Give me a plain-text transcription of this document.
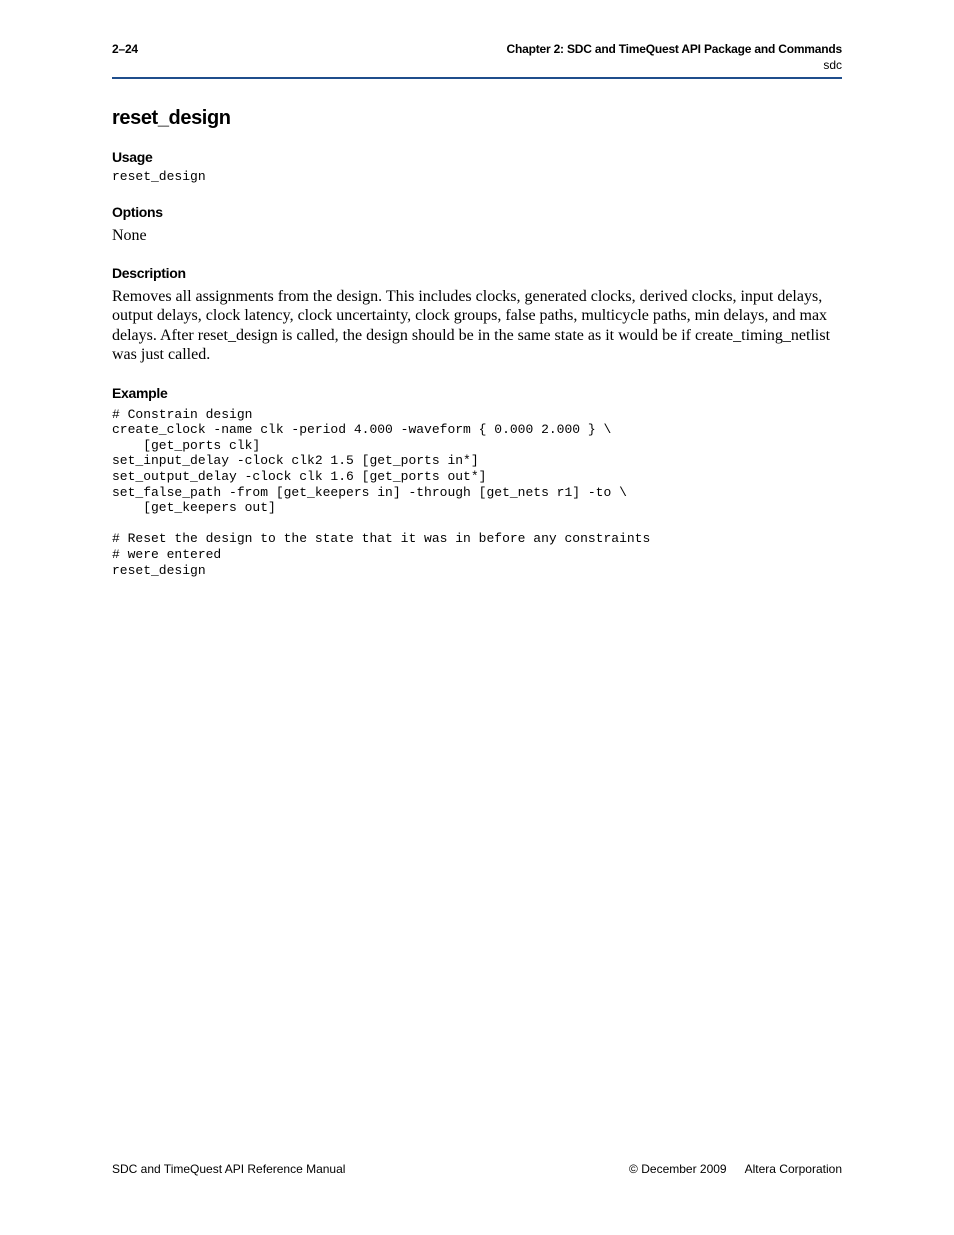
2–24	Chapter 2: SDC and TimeQuest API Package and Commands
sdc
reset_design
Usage
reset_design
Options

None

Description

Removes all assignments from the design. This includes clocks, generated clocks, derived clocks, input delays, output delays, clock latency, clock uncertainty, clock groups, false paths, multicycle paths, min delays, and max delays. After reset_design is called, the design should be in the same state as it would be if create_timing_netlist was just called.

Example
# Constrain design
create_clock -name clk -period 4.000 -waveform { 0.000 2.000 } \
[get_ports clk]
set_input_delay -clock clk2 1.5 [get_ports in*]
set_output_delay -clock clk 1.6 [get_ports out*]
set_false_path -from [get_keepers in] -through [get_nets r1] -to \
[get_keepers out]

# Reset the design to the state that it was in before any constraints
# were entered
reset_design
SDC and TimeQuest API Reference Manual	© December 2009 Altera Corporation
